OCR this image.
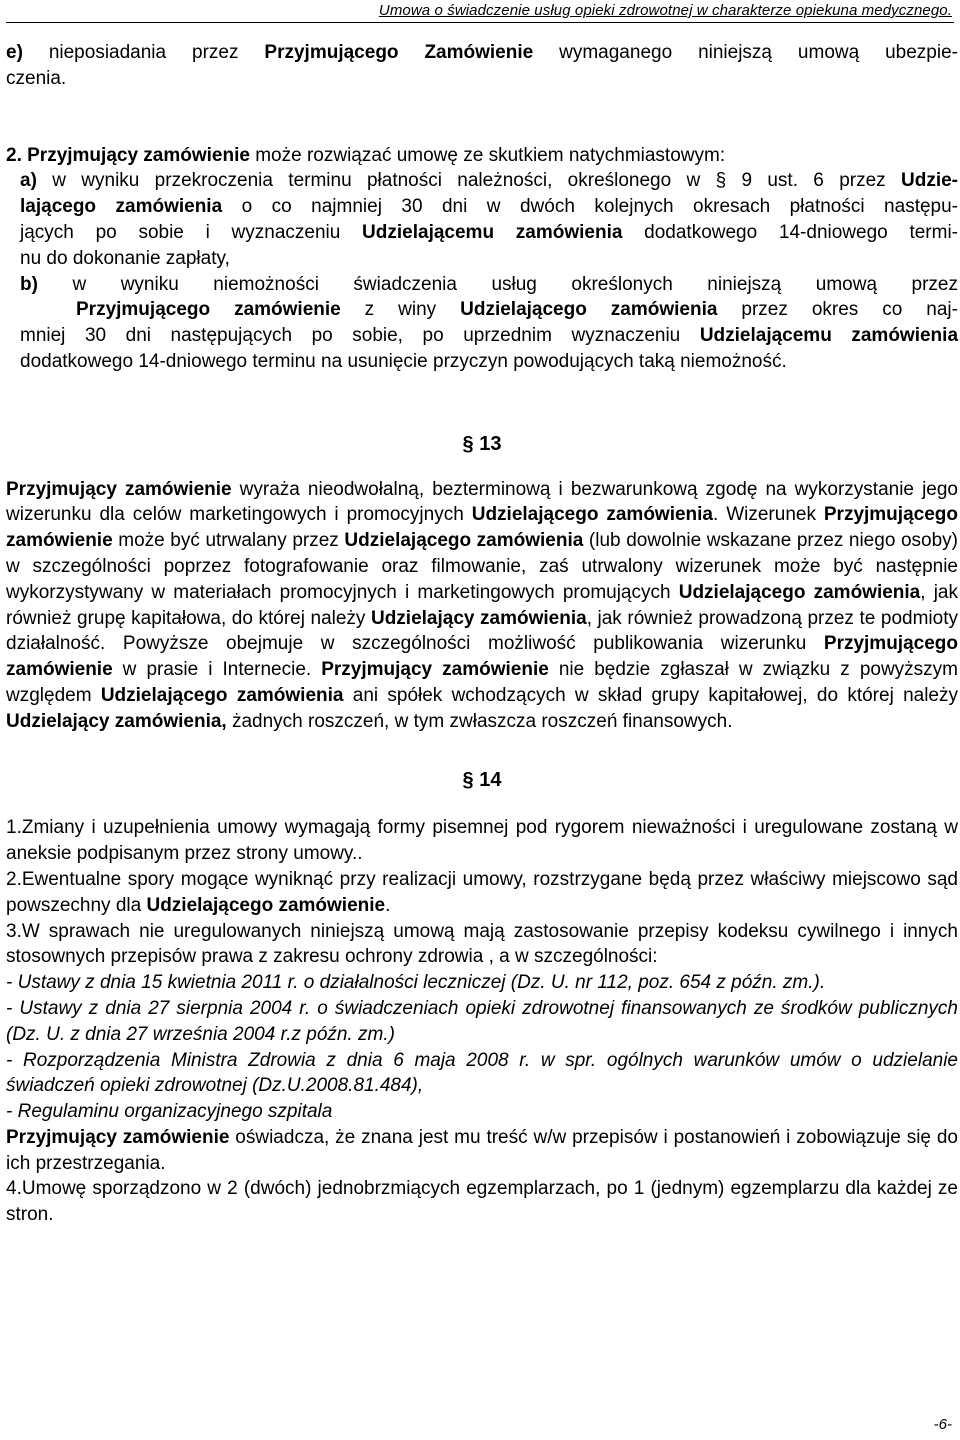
Umowa o świadczenie usług opieki zdrowotnej w charakterze opiekuna medycznego.

e) nieposiadania przez Przyjmującego Zamówienie wymaganego niniejszą umową ubezpie-

czenia.

2. Przyjmujący zamówienie może rozwiązać umowę ze skutkiem natychmiastowym:

a) w wyniku przekroczenia terminu płatności należności, określonego w § 9 ust. 6 przez Udzie-

lającego zamówienia o co najmniej 30 dni w dwóch kolejnych okresach płatności następu-

jących po sobie i wyznaczeniu Udzielającemu zamówienia dodatkowego 14-dniowego termi-

nu do dokonanie zapłaty,

b) w wyniku niemożności świadczenia usług określonych niniejszą umową przez

Przyjmującego zamówienie z winy Udzielającego zamówienia przez okres co naj-

mniej 30 dni następujących po sobie, po uprzednim wyznaczeniu Udzielającemu zamówienia

dodatkowego 14-dniowego terminu na usunięcie przyczyn powodujących taką niemożność.

§ 13

Przyjmujący zamówienie wyraża nieodwołalną, bezterminową i bezwarunkową zgodę na wykorzystanie jego wizerunku dla celów marketingowych i promocyjnych Udzielającego zamówienia. Wizerunek Przyjmującego zamówienie może być utrwalany przez Udzielającego zamówienia (lub dowolnie wskazane przez niego osoby) w szczególności poprzez fotografowanie oraz filmowanie, zaś utrwalony wizerunek może być następnie wykorzystywany w materiałach promocyjnych i marketingowych promujących Udzielającego zamówienia, jak również grupę kapitałowa, do której należy Udzielający zamówienia, jak również prowadzoną przez te podmioty działalność. Powyższe obejmuje w szczególności możliwość publikowania wizerunku Przyjmującego zamówienie w prasie i Internecie. Przyjmujący zamówienie nie będzie zgłaszał w związku z powyższym względem Udzielającego zamówienia ani spółek wchodzących w skład grupy kapitałowej, do której należy Udzielający zamówienia, żadnych roszczeń, w tym zwłaszcza roszczeń finansowych.

§ 14

1.Zmiany i uzupełnienia umowy wymagają formy pisemnej pod rygorem nieważności i uregulowane zostaną w aneksie podpisanym przez strony umowy..

2.Ewentualne spory mogące wyniknąć przy realizacji umowy, rozstrzygane będą przez właściwy miejscowo sąd powszechny dla Udzielającego zamówienie.

3.W sprawach nie uregulowanych niniejszą umową mają zastosowanie przepisy kodeksu cywilnego i innych stosownych przepisów prawa z zakresu ochrony zdrowia , a w szczególności:

- Ustawy z dnia 15 kwietnia 2011 r. o działalności leczniczej (Dz. U. nr 112, poz. 654 z późn. zm.).

- Ustawy z dnia 27 sierpnia 2004 r. o świadczeniach opieki zdrowotnej finansowanych ze środków publicznych (Dz. U. z dnia 27 września 2004 r.z późn. zm.)

- Rozporządzenia Ministra Zdrowia z dnia 6 maja 2008 r. w spr. ogólnych warunków umów o udzielanie świadczeń opieki zdrowotnej (Dz.U.2008.81.484),

- Regulaminu organizacyjnego szpitala

Przyjmujący zamówienie oświadcza, że znana jest mu treść w/w przepisów i postanowień i zobowiązuje się do ich przestrzegania.

4.Umowę sporządzono w 2 (dwóch) jednobrzmiących egzemplarzach, po 1 (jednym) egzemplarzu dla każdej ze stron.

-6-
